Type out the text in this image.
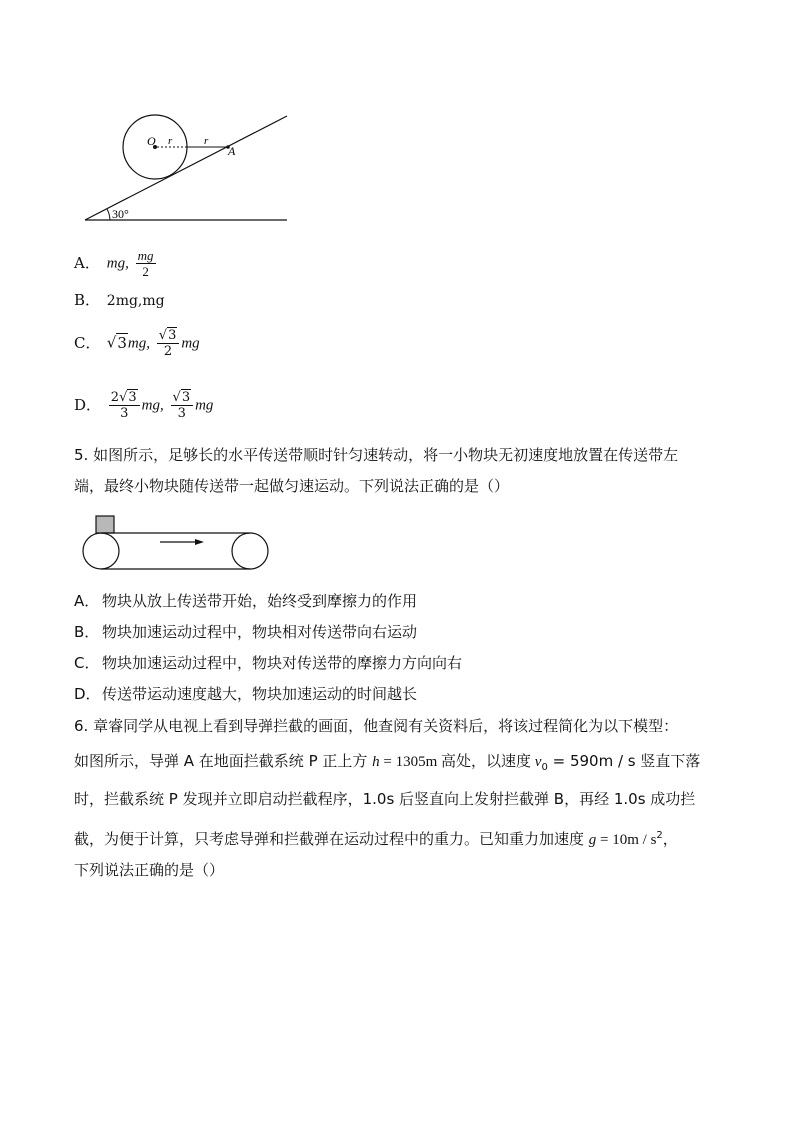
O r	r
A
30°
A． mg, $\frac{mg}{2}$
B． 2mg,mg
C． √3mg, $\frac{√3}{2}$ mg
D． $\frac{2√3}{3}$ mg, $\frac{√3}{3}$ mg
5. 如图所示，足够长的水平传送带顺时针匀速转动，将一小物块无初速度地放置在传送带左
端，最终小物块随传送带一起做匀速运动。下列说法正确的是（）
A． 物块从放上传送带开始，始终受到摩擦力的作用
B． 物块加速运动过程中，物块相对传送带向右运动
C． 物块加速运动过程中，物块对传送带的摩擦力方向向右
D．传送带运动速度越大，物块加速运动的时间越长
6. 章睿同学从电视上看到导弹拦截的画面，他查阅有关资料后，将该过程简化为以下模型：
如图所示，导弹 A 在地面拦截系统 P 正上方 h = 1305m 高处，以速度 $v_0 = 590m / s$ 竖直下落
时，拦截系统 P 发现并立即启动拦截程序，1.0s 后竖直向上发射拦截弹 B，再经 1.0s 成功拦
截，为便于计算，只考虑导弹和拦截弹在运动过程中的重力。已知重力加速度 $g = 10m / s^2$，
下列说法正确的是（）
